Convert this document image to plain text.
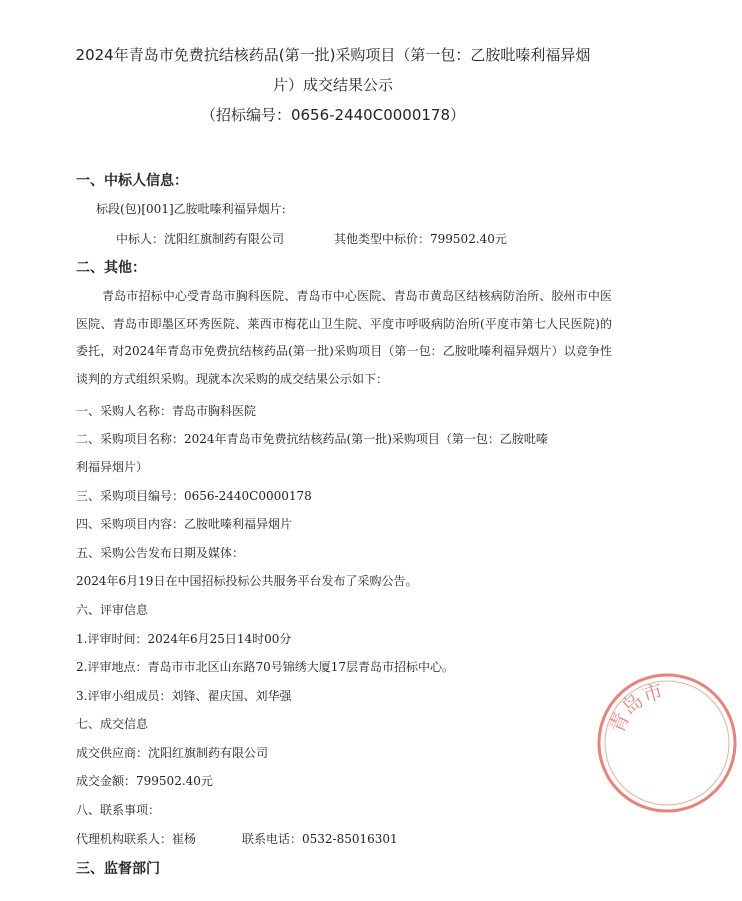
2024年青岛市免费抗结核药品(第一批)采购项目（第一包：乙胺吡嗪利福异烟
片）成交结果公示
（招标编号：0656-2440C0000178）
一、中标人信息：
标段(包)[001]乙胺吡嗪利福异烟片:
中标人：沈阳红旗制药有限公司	其他类型中标价：799502.40元
二、其他：
青岛市招标中心受青岛市胸科医院、青岛市中心医院、青岛市黄岛区结核病防治所、胶州市中医医院、青岛市即墨区环秀医院、莱西市梅花山卫生院、平度市呼吸病防治所(平度市第七人民医院)的委托，对2024年青岛市免费抗结核药品(第一批)采购项目（第一包：乙胺吡嗪利福异烟片）以竞争性谈判的方式组织采购。现就本次采购的成交结果公示如下：
一、采购人名称：青岛市胸科医院
二、采购项目名称：2024年青岛市免费抗结核药品(第一批)采购项目（第一包：乙胺吡嗪
利福异烟片）
三、采购项目编号：0656-2440C0000178
四、采购项目内容：乙胺吡嗪利福异烟片
五、采购公告发布日期及媒体：
2024年6月19日在中国招标投标公共服务平台发布了采购公告。
六、评审信息
1.评审时间：2024年6月25日14时00分
2.评审地点：青岛市市北区山东路70号锦绣大厦17层青岛市招标中心。
3.评审小组成员：刘锋、翟庆国、刘华强
七、成交信息
成交供应商：沈阳红旗制药有限公司
成交金额：799502.40元
八、联系事项：
代理机构联系人：崔杨	联系电话：0532-85016301
三、监督部门
青岛市
